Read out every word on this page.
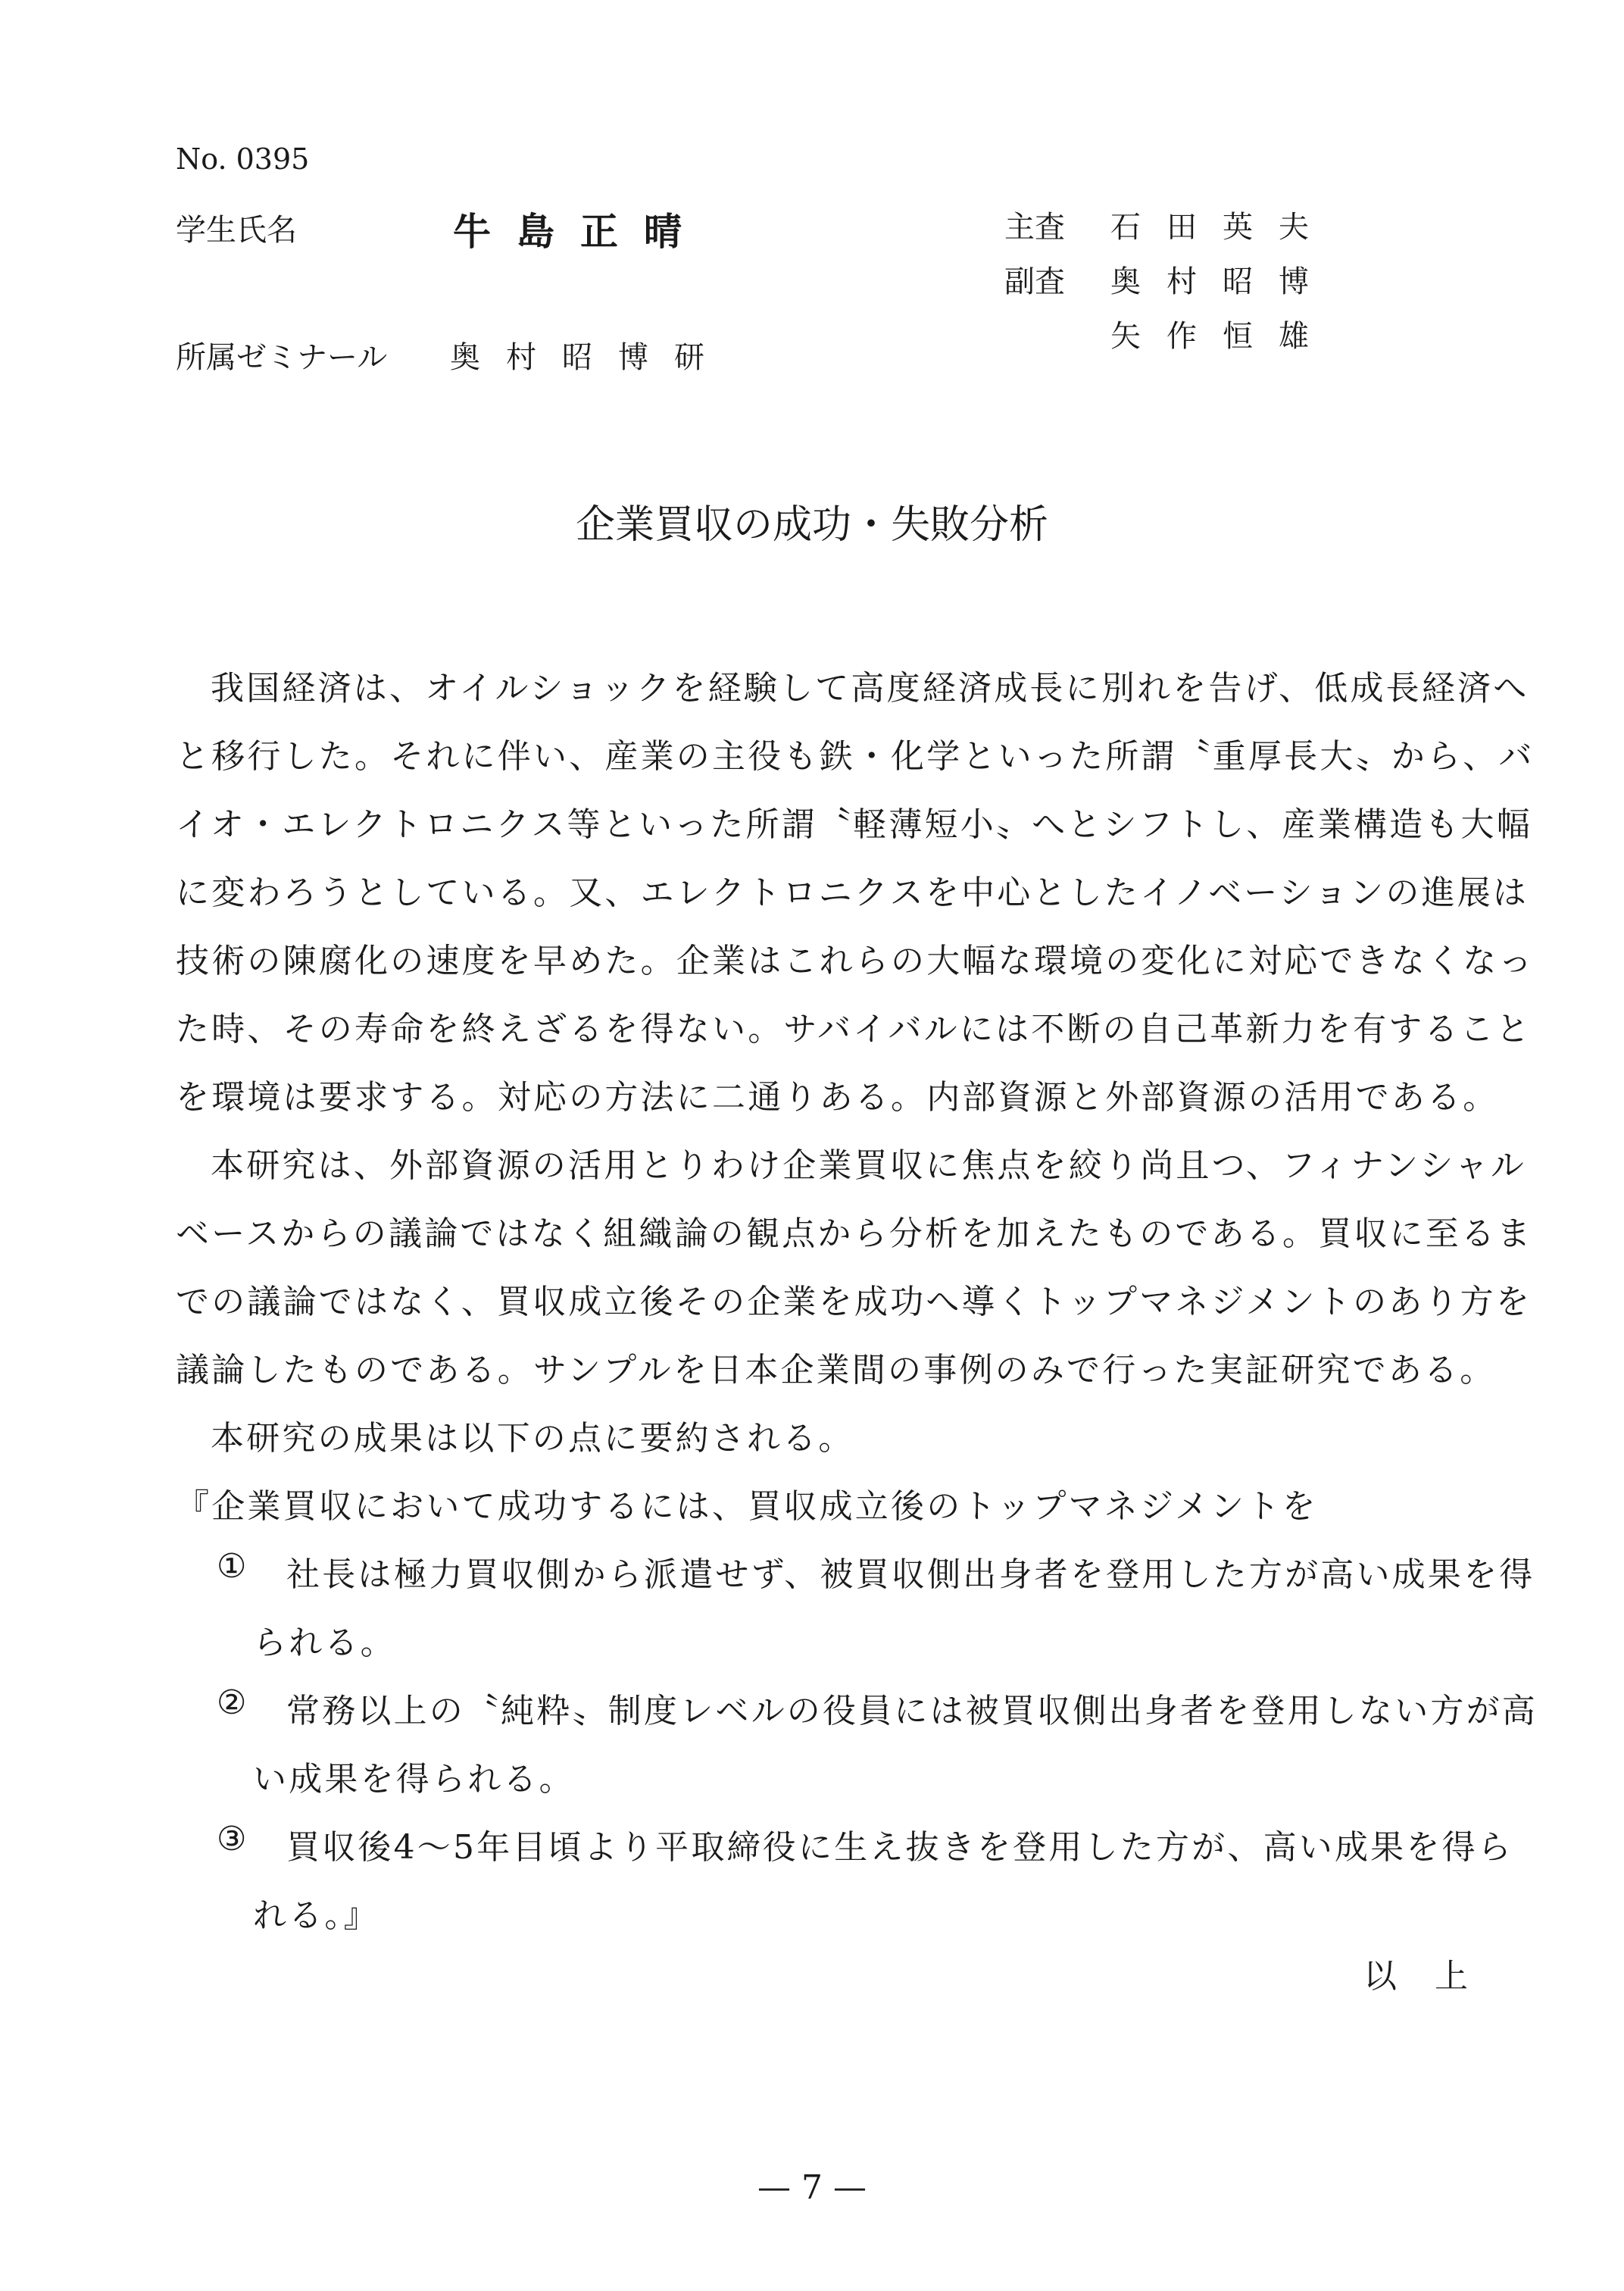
No. 0395
学生氏名	牛島正晴
所属ゼミナール 奥村昭博研
主査 石田英夫
副査 奥村昭博
矢作恒雄
企業買収の成功・失敗分析
我国経済は、オイルショックを経験して高度経済成長に別れを告げ、低成長経済へ
と移行した。それに伴い、産業の主役も鉄・化学といった所謂〝重厚長大〟から、バ
イオ・エレクトロニクス等といった所謂〝軽薄短小〟へとシフトし、産業構造も大幅
に変わろうとしている。又、エレクトロニクスを中心としたイノベーションの進展は
技術の陳腐化の速度を早めた。企業はこれらの大幅な環境の変化に対応できなくなっ
た時、その寿命を終えざるを得ない。サバイバルには不断の自己革新力を有すること
を環境は要求する。対応の方法に二通りある。内部資源と外部資源の活用である。
本研究は、外部資源の活用とりわけ企業買収に焦点を絞り尚且つ、フィナンシャル
ベースからの議論ではなく組織論の観点から分析を加えたものである。買収に至るま
での議論ではなく、買収成立後その企業を成功へ導くトップマネジメントのあり方を
議論したものである。サンプルを日本企業間の事例のみで行った実証研究である。
本研究の成果は以下の点に要約される。
『企業買収において成功するには、買収成立後のトップマネジメントを
① 社長は極力買収側から派遣せず、被買収側出身者を登用した方が高い成果を得
られる。
② 常務以上の〝純粋〟制度レベルの役員には被買収側出身者を登用しない方が高
い成果を得られる。
③ 買収後4～5年目頃より平取締役に生え抜きを登用した方が、高い成果を得ら
れる。』
以上
— 7 —
